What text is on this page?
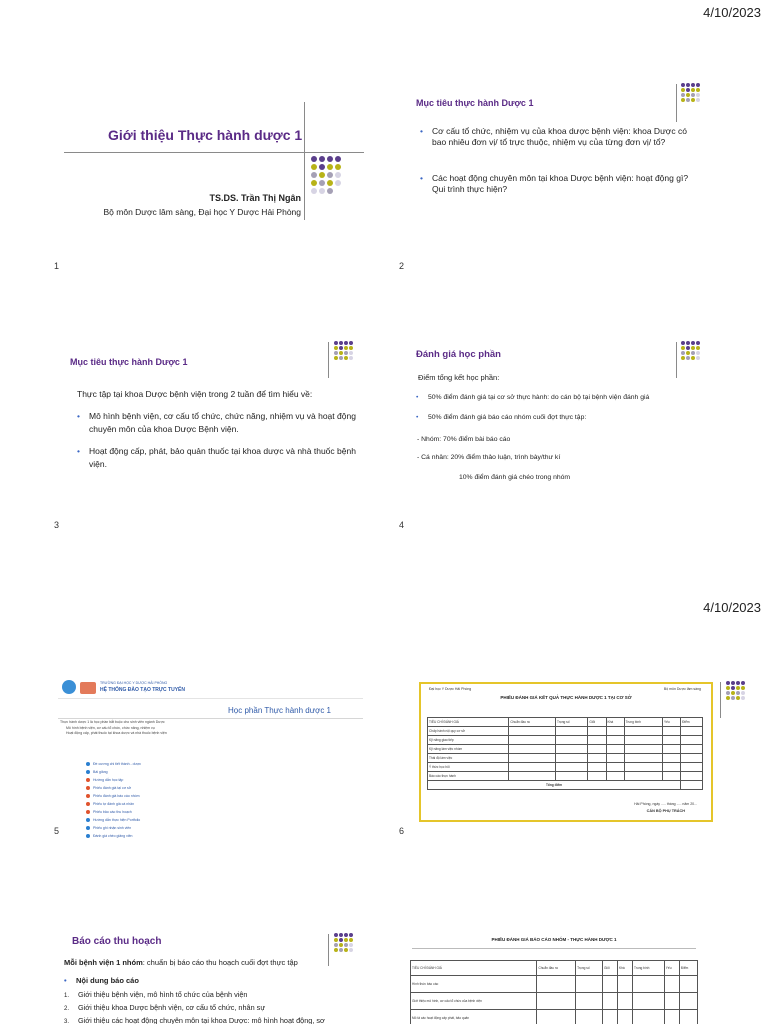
4/10/2023
Giới thiệu Thực hành dược 1
TS.DS. Trần Thị Ngân
Bộ môn Dược lâm sàng, Đại học Y Dược Hải Phòng
1
Mục tiêu thực hành Dược 1
• Cơ cấu tổ chức, nhiệm vụ của khoa dược bệnh viện: khoa Dược có bao nhiêu đơn vị/ tổ trực thuộc, nhiệm vụ của từng đơn vị/ tổ?
• Các hoạt động chuyên môn tại khoa Dược bệnh viện: hoạt động gì? Qui trình thực hiện?
2
Mục tiêu thực hành Dược 1
Thực tập tại khoa Dược bệnh viện trong 2 tuần để tìm hiểu về:
• Mô hình bệnh viện, cơ cấu tổ chức, chức năng, nhiệm vụ và hoạt động chuyên môn của khoa Dược Bệnh viện.
• Hoạt động cấp, phát, bảo quản thuốc tại khoa dược và nhà thuốc bệnh viện.
3
Đánh giá học phần
Điểm tổng kết học phần:
• 50% điểm đánh giá tại cơ sở thực hành: do cán bộ tại bệnh viện đánh giá
• 50% điểm đánh giá báo cáo nhóm cuối đợt thực tập:
- Nhóm: 70% điểm bài báo cáo
- Cá nhân: 20% điểm thảo luận, trình bày/thư kí
10% điểm đánh giá chéo trong nhóm
4
4/10/2023
TRƯỜNG ĐẠI HỌC Y DƯỢC HẢI PHÒNG
HỆ THỐNG ĐÀO TẠO TRỰC TUYẾN
Học phần Thực hành dược 1
Thực hành dược 1 là học phần bắt buộc cho sinh viên ngành Dược
Mô hình bệnh viện, cơ cấu tổ chức, chức năng, nhiệm vụ
Hoạt động cấp, phát thuốc tại khoa dược và nhà thuốc bệnh viện
Đề cương chi tiết thành - dược
Bài giảng
Hướng dẫn học tập
Phiếu đánh giá tại cơ sở
Phiếu đánh giá báo cáo nhóm
Phiếu tự đánh giá cá nhân
Phiếu bảo cáo thu hoạch
Hướng dẫn thực hiện Portfolio
Phiếu ghi nhận sinh viên
Đánh giá chéo giảng viên
5
Đại học Y Dược Hải Phòng	Bộ môn Dược lâm sàng
PHIẾU ĐÁNH GIÁ KẾT QUẢ THỰC HÀNH DƯỢC 1 TẠI CƠ SỞ
TIÊU CHÍ ĐÁNH GIÁ	Chuẩn đầu ra	Trọng số	Giỏi	Khá	Trung bình	Yếu	Điểm
Chấp hành nội quy cơ sở							
Kỹ năng giao tiếp							
Kỹ năng làm việc nhóm							
Thái độ làm việc							
Ý thức học hỏi							
Báo cáo thực hành							
Tổng điểm							
Hải Phòng, ngày ..... tháng ..... năm 20...
CÁN BỘ PHỤ TRÁCH
6
Báo cáo thu hoạch
Mỗi bệnh viện 1 nhóm: chuẩn bị báo cáo thu hoạch cuối đợt thực tập
• Nội dung báo cáo
1. Giới thiệu bệnh viện, mô hình tổ chức của bệnh viện
2. Giới thiệu khoa Dược bệnh viện, cơ cấu tổ chức, nhân sự
3. Giới thiệu các hoạt động chuyên môn tại khoa Dược: mô hình hoạt động, sơ
PHIẾU ĐÁNH GIÁ BÁO CÁO NHÓM - THỰC HÀNH DƯỢC 1
TIÊU CHÍ ĐÁNH GIÁ	Chuẩn đầu ra	Trọng số	Giỏi	Khá	Trung bình	Yếu	Điểm
Hình thức báo cáo							
Giới thiệu mô hình, cơ cấu tổ chức của bệnh viện							
Mô tả các hoạt động cấp phát, bảo quản							
